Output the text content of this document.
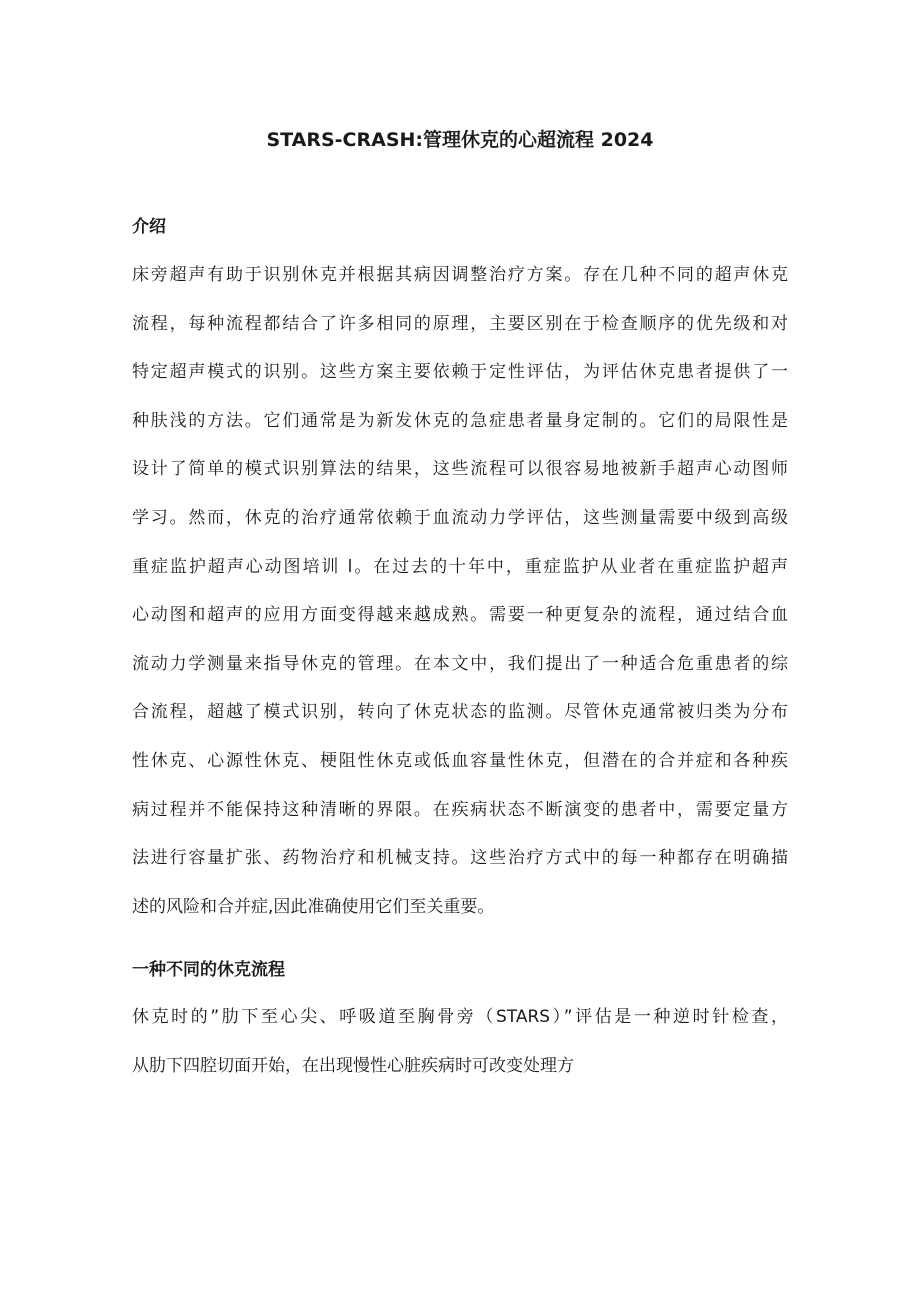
STARS-CRASH:管理休克的心超流程 2024
介绍

床旁超声有助于识别休克并根据其病因调整治疗方案。存在几种不同的超声休克
流程，每种流程都结合了许多相同的原理，主要区别在于检查顺序的优先级和对
特定超声模式的识别。这些方案主要依赖于定性评估，为评估休克患者提供了一
种肤浅的方法。它们通常是为新发休克的急症患者量身定制的。它们的局限性是
设计了简单的模式识别算法的结果，这些流程可以很容易地被新手超声心动图师
学习。然而，休克的治疗通常依赖于血流动力学评估，这些测量需要中级到高级
重症监护超声心动图培训 l。在过去的十年中，重症监护从业者在重症监护超声
心动图和超声的应用方面变得越来越成熟。需要一种更复杂的流程，通过结合血
流动力学测量来指导休克的管理。在本文中，我们提出了一种适合危重患者的综
合流程，超越了模式识别，转向了休克状态的监测。尽管休克通常被归类为分布
性休克、心源性休克、梗阻性休克或低血容量性休克，但潜在的合并症和各种疾
病过程并不能保持这种清晰的界限。在疾病状态不断演变的患者中，需要定量方
法进行容量扩张、药物治疗和机械支持。这些治疗方式中的每一种都存在明确描
述的风险和合并症,因此准确使用它们至关重要。

一种不同的休克流程

休克时的”肋下至心尖、呼吸道至胸骨旁（STARS）”评估是一种逆时针检查，
从肋下四腔切面开始，在出现慢性心脏疾病时可改变处理方
